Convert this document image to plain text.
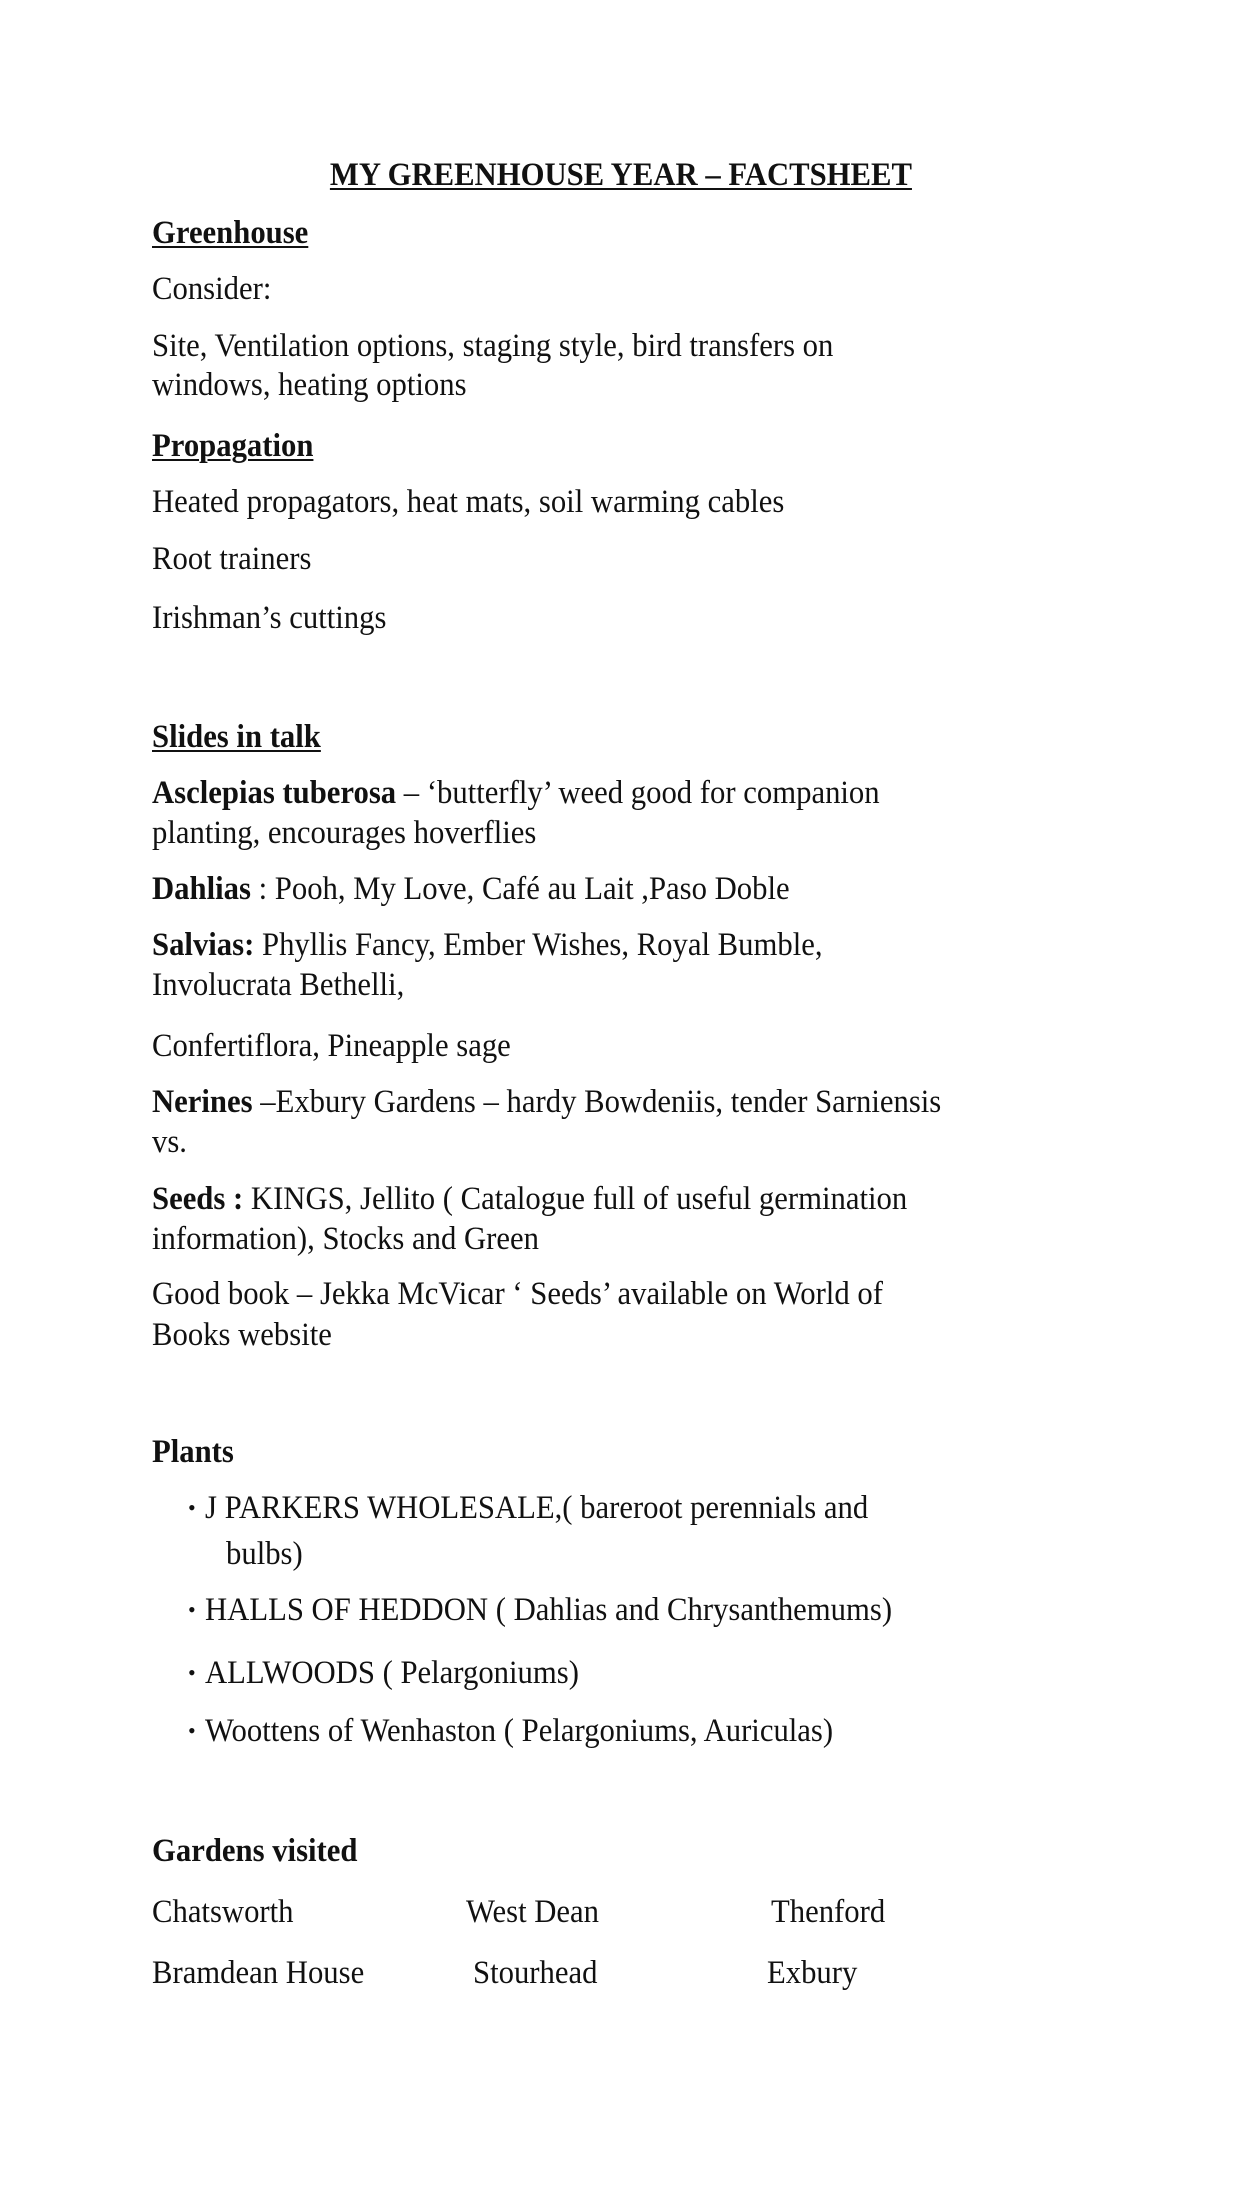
MY GREENHOUSE YEAR – FACTSHEET
Greenhouse
Consider:
Site, Ventilation options, staging style, bird transfers on
windows, heating options
Propagation
Heated propagators, heat mats, soil warming cables
Root trainers
Irishman’s cuttings
Slides in talk
Asclepias tuberosa – ‘butterfly’ weed good for companion
planting, encourages hoverflies
Dahlias : Pooh, My Love, Café au Lait ,Paso Doble
Salvias: Phyllis Fancy, Ember Wishes, Royal Bumble,
Involucrata Bethelli,
Confertiflora, Pineapple sage
Nerines –Exbury Gardens – hardy Bowdeniis, tender Sarniensis
vs.
Seeds : KINGS, Jellito ( Catalogue full of useful germination
information), Stocks and Green
Good book – Jekka McVicar ‘ Seeds’ available on World of
Books website
Plants
• J PARKERS WHOLESALE,( bareroot perennials and
bulbs)
• HALLS OF HEDDON ( Dahlias and Chrysanthemums)
• ALLWOODS ( Pelargoniums)
• Woottens of Wenhaston ( Pelargoniums, Auriculas)
Gardens visited
Chatsworth	West Dean	Thenford
Bramdean House	Stourhead	Exbury
